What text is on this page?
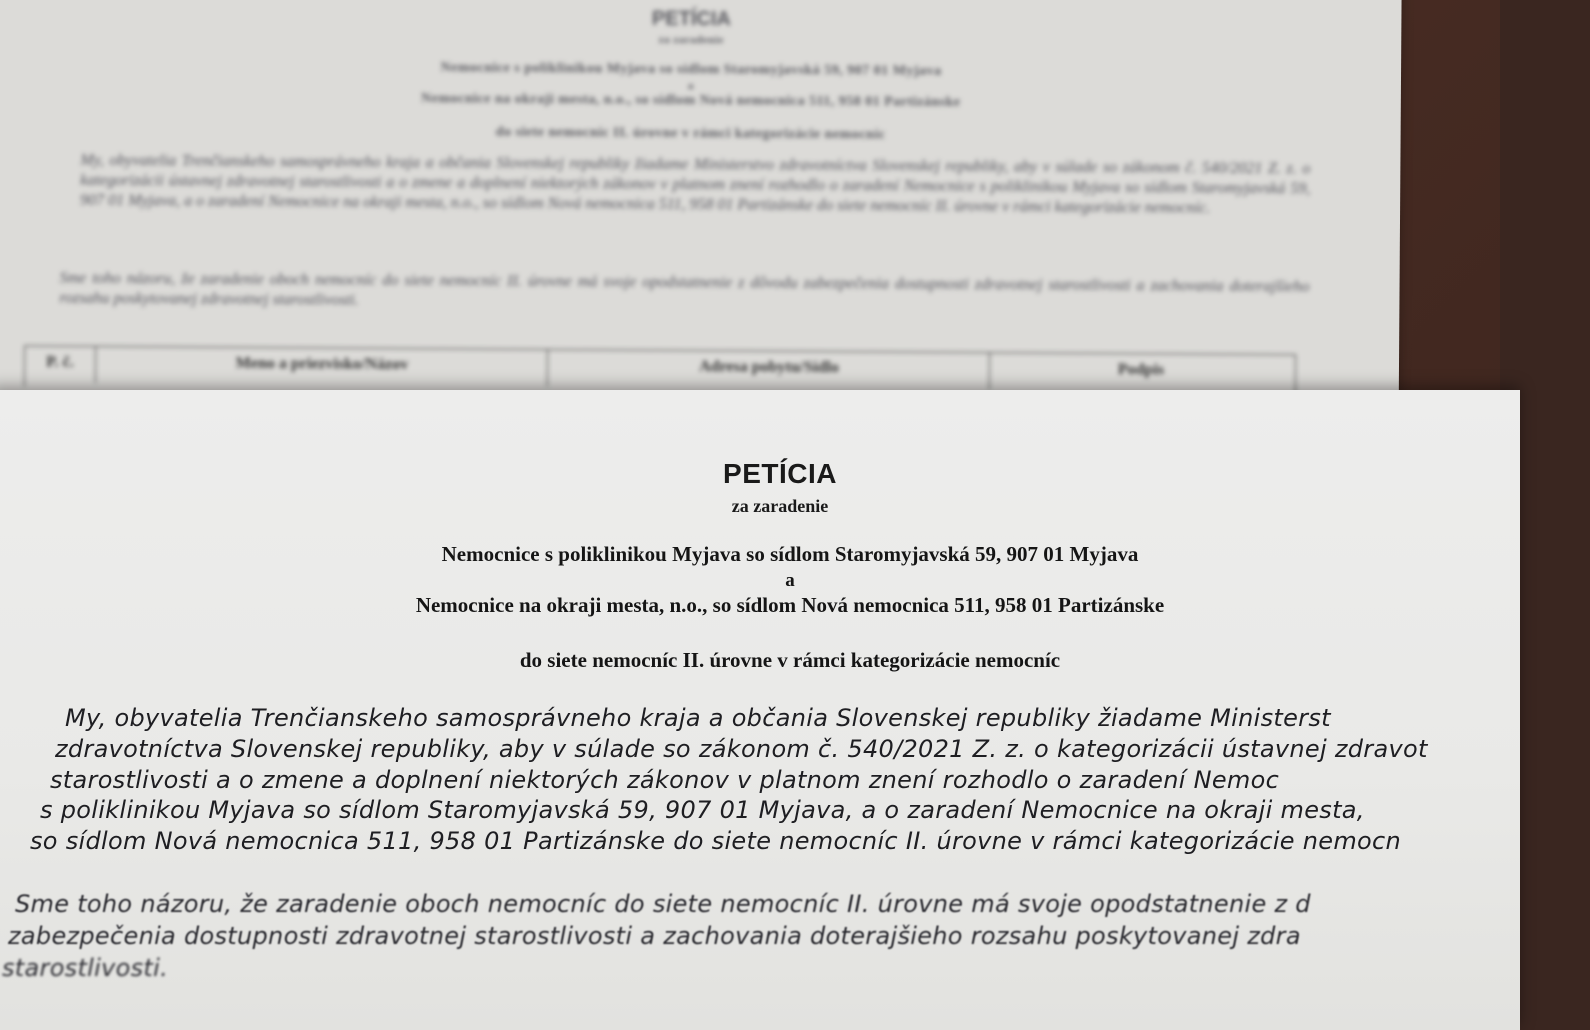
PETÍCIA
za zaradenie
Nemocnice s poliklinikou Myjava so sídlom Staromyjavská 59, 907 01 Myjava
a
Nemocnice na okraji mesta, n.o., so sídlom Nová nemocnica 511, 958 01 Partizánske
do siete nemocníc II. úrovne v rámci kategorizácie nemocníc
My, obyvatelia Trenčianskeho samosprávneho kraja a občania Slovenskej republiky žiadame Ministerstvo zdravotníctva Slovenskej republiky, aby v súlade so zákonom č. 540/2021 Z. z. o kategorizácii ústavnej zdravotnej starostlivosti a o zmene a doplnení niektorých zákonov v platnom znení rozhodlo o zaradení Nemocnice s poliklinikou Myjava so sídlom Staromyjavská 59, 907 01 Myjava, a o zaradení Nemocnice na okraji mesta, n.o., so sídlom Nová nemocnica 511, 958 01 Partizánske do siete nemocníc II. úrovne v rámci kategorizácie nemocníc.
Sme toho názoru, že zaradenie oboch nemocníc do siete nemocníc II. úrovne má svoje opodstatnenie z dôvodu zabezpečenia dostupnosti zdravotnej starostlivosti a zachovania doterajšieho rozsahu poskytovanej zdravotnej starostlivosti.
P. č.	Meno a priezvisko/Názov	Adresa pobytu/Sídlo	Podpis
PETÍCIA
za zaradenie
Nemocnice s poliklinikou Myjava so sídlom Staromyjavská 59, 907 01 Myjava
a
Nemocnice na okraji mesta, n.o., so sídlom Nová nemocnica 511, 958 01 Partizánske
do siete nemocníc II. úrovne v rámci kategorizácie nemocníc
My, obyvatelia Trenčianskeho samosprávneho kraja a občania Slovenskej republiky žiadame Ministerst
zdravotníctva Slovenskej republiky, aby v súlade so zákonom č. 540/2021 Z. z. o kategorizácii ústavnej zdravot
starostlivosti a o zmene a doplnení niektorých zákonov v platnom znení rozhodlo o zaradení Nemoc
s poliklinikou Myjava so sídlom Staromyjavská 59, 907 01 Myjava, a o zaradení Nemocnice na okraji mesta,
so sídlom Nová nemocnica 511, 958 01 Partizánske do siete nemocníc II. úrovne v rámci kategorizácie nemocn
Sme toho názoru, že zaradenie oboch nemocníc do siete nemocníc II. úrovne má svoje opodstatnenie z d
zabezpečenia dostupnosti zdravotnej starostlivosti a zachovania doterajšieho rozsahu poskytovanej zdra
starostlivosti.
